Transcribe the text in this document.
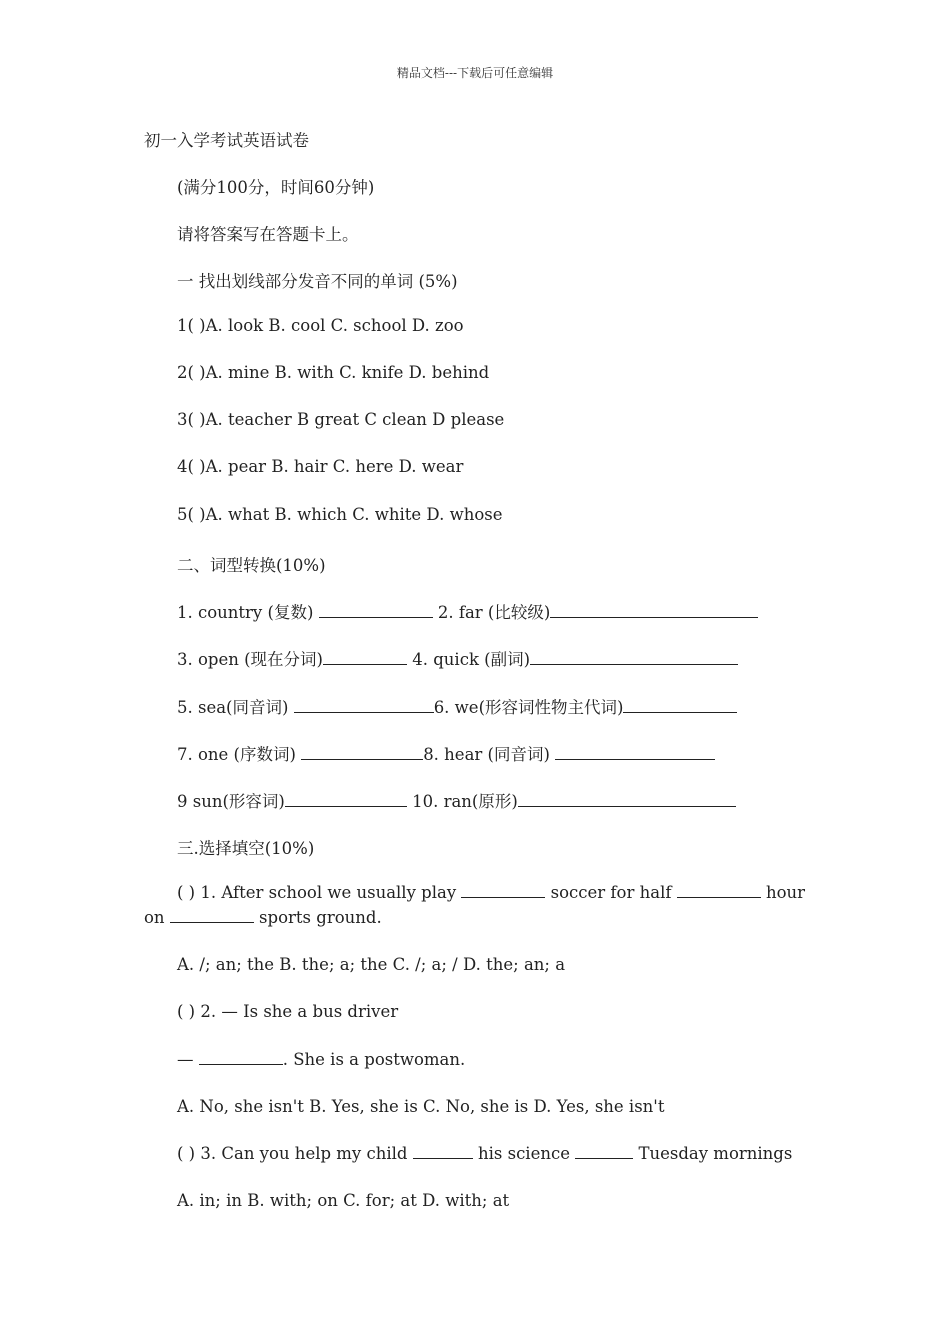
精品文档---下载后可任意编辑
初一入学考试英语试卷
(满分100分，时间60分钟)
请将答案写在答题卡上。
一 找出划线部分发音不同的单词 (5%)
1( )A. look B. cool C. school D. zoo
2( )A. mine B. with C. knife D. behind
3( )A. teacher B great C clean D please
4( )A. pear B. hair C. here D. wear
5( )A. what B. which C. white D. whose
二、词型转换(10%)
1. country (复数)	2. far (比较级)
3. open (现在分词)	4. quick (副词)
5. sea(同音词)	6. we(形容词性物主代词)
7. one (序数词)	8. hear (同音词)
9 sun(形容词)	10. ran(原形)
三.选择填空(10%)
( ) 1. After school we usually play	soccer for half	hour
on	sports ground.
A. /; an; the B. the; a; the C. /; a; / D. the; an; a
( ) 2. — Is she a bus driver
—	. She is a postwoman.
A. No, she isn't B. Yes, she is C. No, she is D. Yes, she isn't
( ) 3. Can you help my child	his science	Tuesday mornings
A. in; in B. with; on C. for; at D. with; at
